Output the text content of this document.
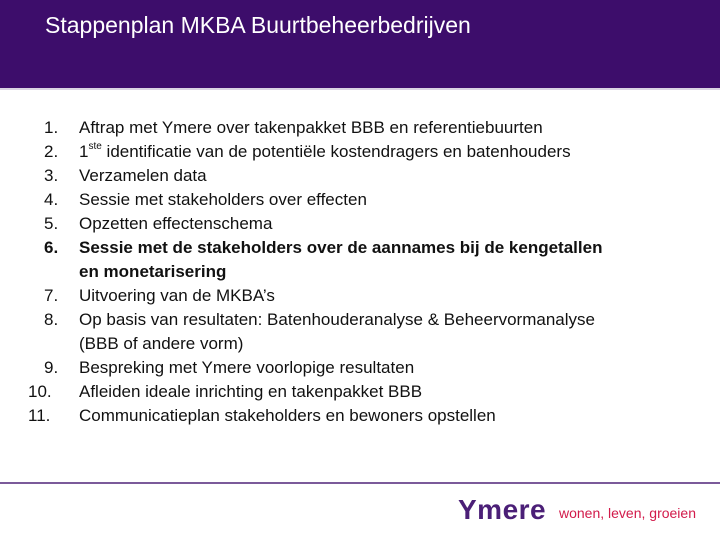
Stappenplan MKBA Buurtbeheerbedrijven
1.	Aftrap met Ymere over takenpakket BBB en referentiebuurten
2.	1ste identificatie van de potentiële kostendragers en batenhouders
3.	Verzamelen data
4.	Sessie met stakeholders over effecten
5.	Opzetten effectenschema
6.	Sessie met de stakeholders over de aannames bij de kengetallen
en monetarisering
7.	Uitvoering van de MKBA’s
8.	Op basis van resultaten: Batenhouderanalyse & Beheervormanalyse
(BBB of andere vorm)
9.	Bespreking met Ymere voorlopige resultaten
10.	Afleiden ideale inrichting en takenpakket BBB
11.	Communicatieplan stakeholders en bewoners opstellen
Ymere wonen, leven, groeien
